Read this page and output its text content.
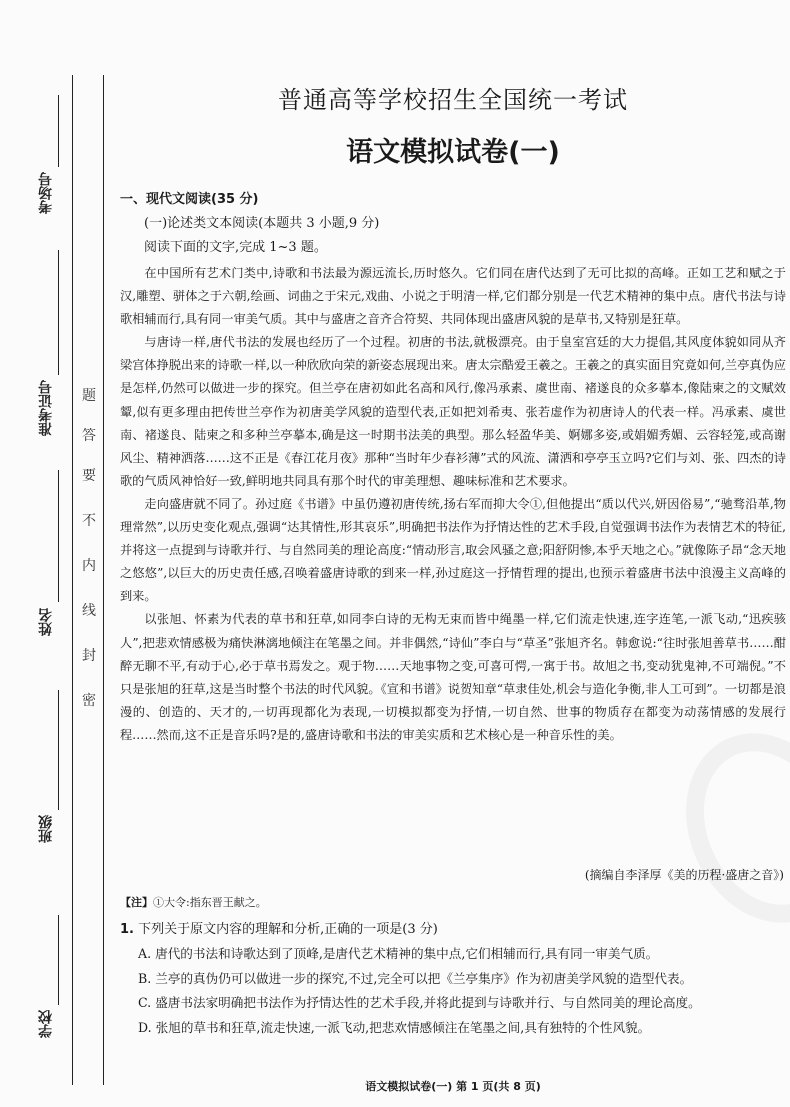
考场号
准考证号
姓名
班级
学校
题
答
要
不
内
线
封
密
普通高等学校招生全国统一考试
语文模拟试卷(一)
一、现代文阅读(35 分)
(一)论述类文本阅读(本题共 3 小题,9 分)
阅读下面的文字,完成 1~3 题。

在中国所有艺术门类中,诗歌和书法最为源远流长,历时悠久。它们同在唐代达到了无可比拟的高峰。正如工艺和赋之于汉,雕塑、骈体之于六朝,绘画、词曲之于宋元,戏曲、小说之于明清一样,它们都分别是一代艺术精神的集中点。唐代书法与诗歌相辅而行,具有同一审美气质。其中与盛唐之音齐合符契、共同体现出盛唐风貌的是草书,又特别是狂草。

与唐诗一样,唐代书法的发展也经历了一个过程。初唐的书法,就极漂亮。由于皇室宫廷的大力提倡,其风度体貌如同从齐梁宫体挣脱出来的诗歌一样,以一种欣欣向荣的新姿态展现出来。唐太宗酷爱王羲之。王羲之的真实面目究竟如何,兰亭真伪应是怎样,仍然可以做进一步的探究。但兰亭在唐初如此名高和风行,像冯承素、虞世南、褚遂良的众多摹本,像陆柬之的文赋效颦,似有更多理由把传世兰亭作为初唐美学风貌的造型代表,正如把刘希夷、张若虚作为初唐诗人的代表一样。冯承素、虞世南、褚遂良、陆柬之和多种兰亭摹本,确是这一时期书法美的典型。那么轻盈华美、婀娜多姿,或娟媚秀媚、云容轻笼,或高谢风尘、精神洒落……这不正是《春江花月夜》那种“当时年少春衫薄”式的风流、潇洒和亭亭玉立吗?它们与刘、张、四杰的诗歌的气质风神恰好一致,鲜明地共同具有那个时代的审美理想、趣味标准和艺术要求。

走向盛唐就不同了。孙过庭《书谱》中虽仍遵初唐传统,扬右军而抑大令①,但他提出“质以代兴,妍因俗易”,“驰骛沿革,物理常然”,以历史变化观点,强调“达其情性,形其哀乐”,明确把书法作为抒情达性的艺术手段,自觉强调书法作为表情艺术的特征,并将这一点提到与诗歌并行、与自然同美的理论高度:“情动形言,取会风骚之意;阳舒阴惨,本乎天地之心。”就像陈子昂“念天地之悠悠”,以巨大的历史责任感,召唤着盛唐诗歌的到来一样,孙过庭这一抒情哲理的提出,也预示着盛唐书法中浪漫主义高峰的到来。

以张旭、怀素为代表的草书和狂草,如同李白诗的无构无束而皆中绳墨一样,它们流走快速,连字连笔,一派飞动,“迅疾骇人”,把悲欢情感极为痛快淋漓地倾注在笔墨之间。并非偶然,“诗仙”李白与“草圣”张旭齐名。韩愈说:“往时张旭善草书……酣醉无聊不平,有动于心,必于草书焉发之。观于物……天地事物之变,可喜可愕,一寓于书。故旭之书,变动犹鬼神,不可端倪。”不只是张旭的狂草,这是当时整个书法的时代风貌。《宣和书谱》说贺知章“草隶佳处,机会与造化争衡,非人工可到”。一切都是浪漫的、创造的、天才的,一切再现都化为表现,一切模拟都变为抒情,一切自然、世事的物质存在都变为动荡情感的发展行程……然而,这不正是音乐吗?是的,盛唐诗歌和书法的审美实质和艺术核心是一种音乐性的美。

(摘编自李泽厚《美的历程·盛唐之音》)
【注】①大令:指东晋王献之。
1. 下列关于原文内容的理解和分析,正确的一项是(3 分)
A. 唐代的书法和诗歌达到了顶峰,是唐代艺术精神的集中点,它们相辅而行,具有同一审美气质。
B. 兰亭的真伪仍可以做进一步的探究,不过,完全可以把《兰亭集序》作为初唐美学风貌的造型代表。
C. 盛唐书法家明确把书法作为抒情达性的艺术手段,并将此提到与诗歌并行、与自然同美的理论高度。
D. 张旭的草书和狂草,流走快速,一派飞动,把悲欢情感倾注在笔墨之间,具有独特的个性风貌。
语文模拟试卷(一) 第 1 页(共 8 页)
